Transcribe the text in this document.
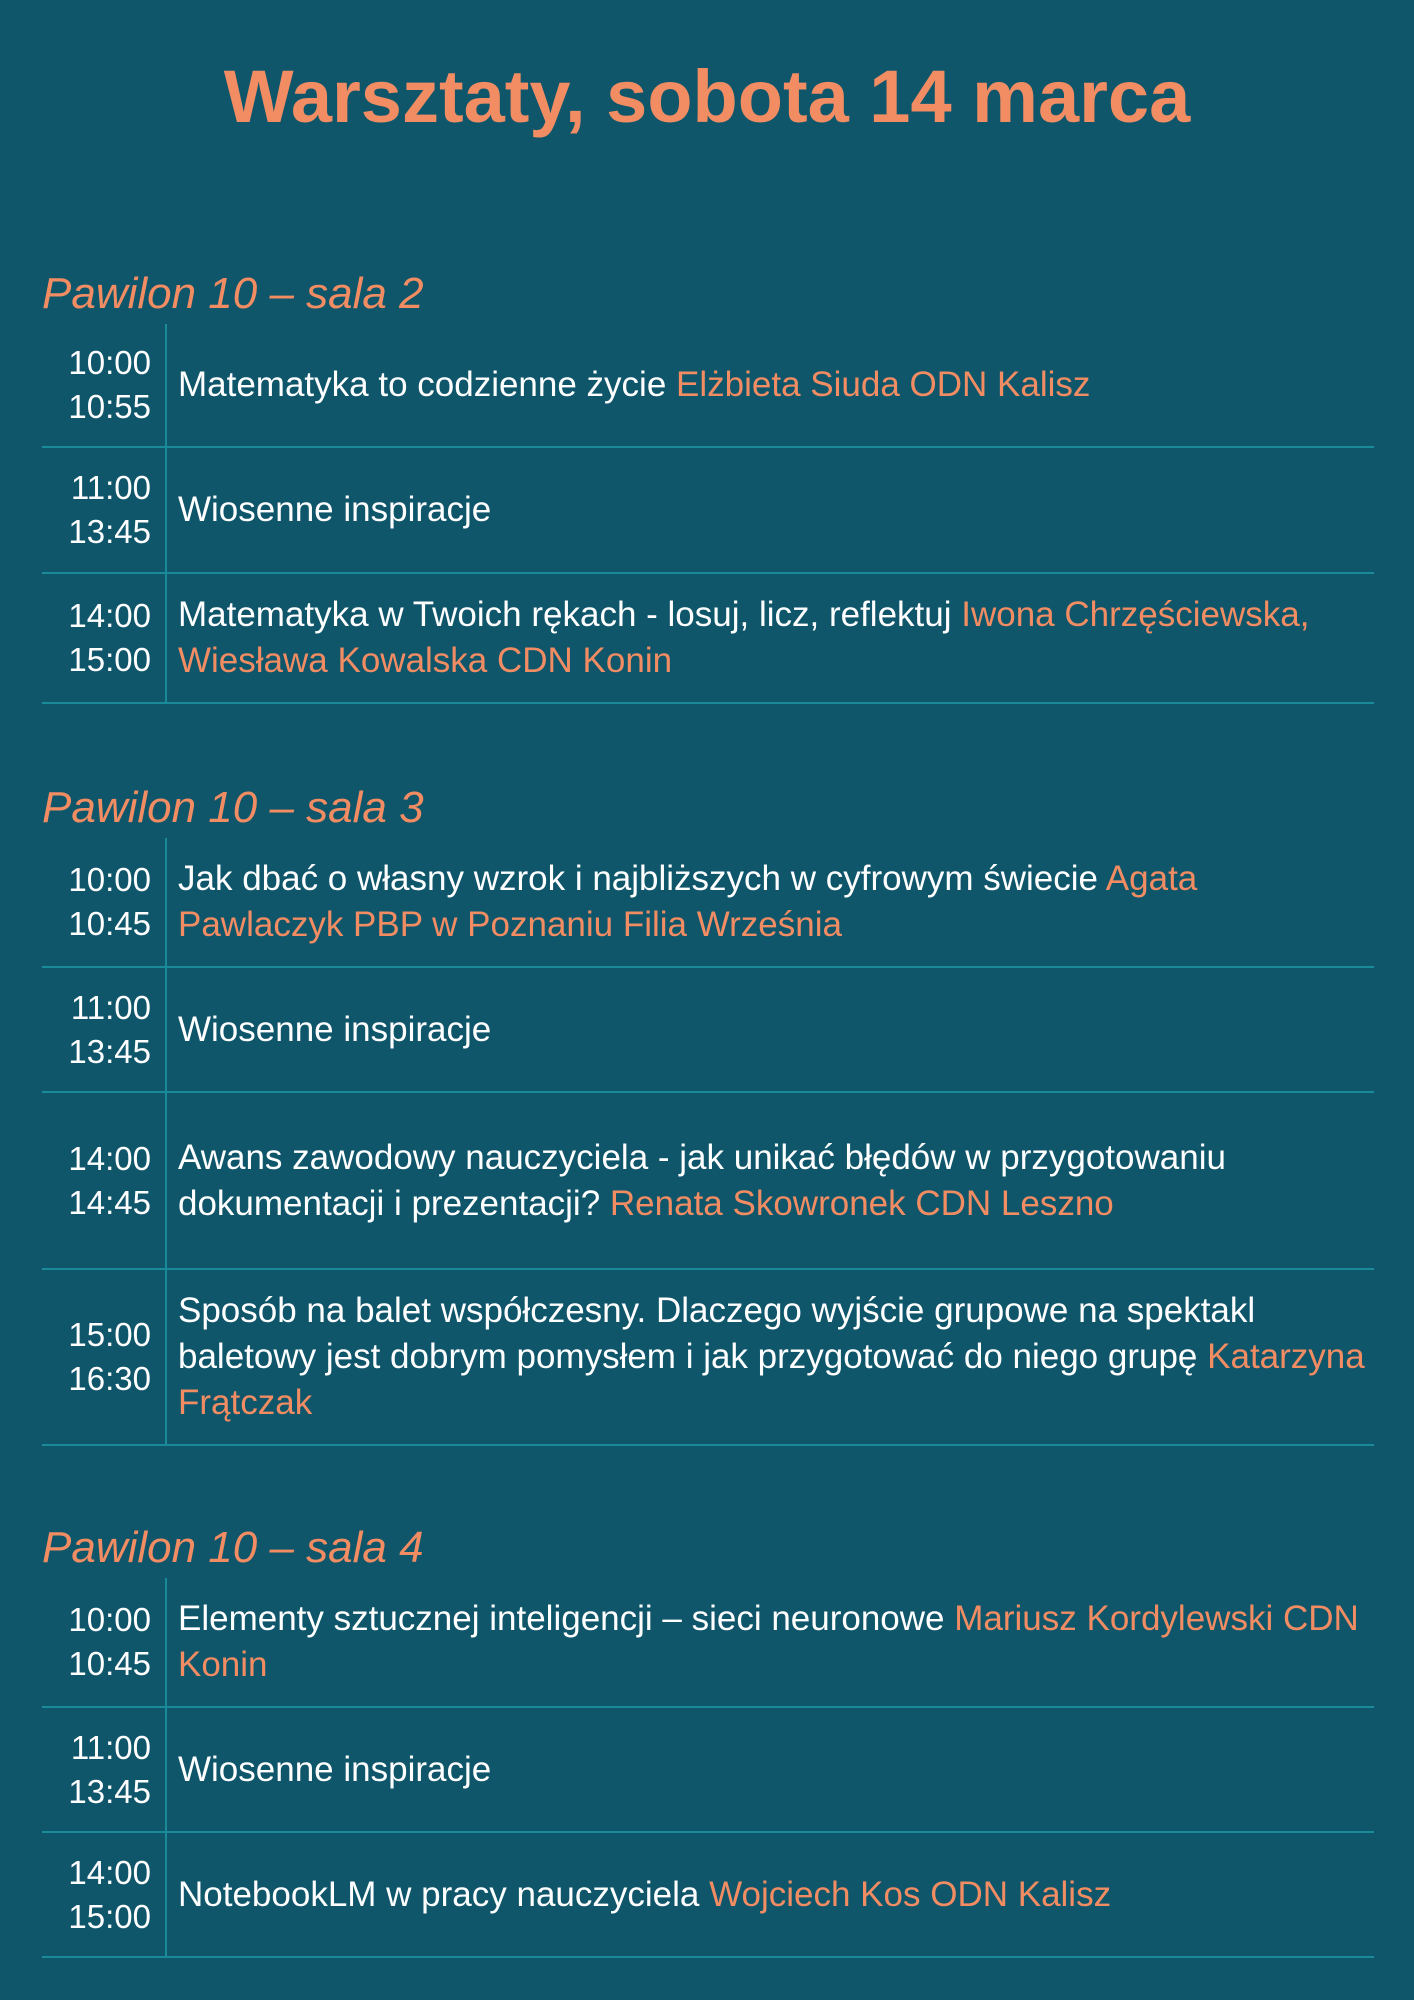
Warsztaty, sobota 14 marca
Pawilon 10 – sala 2
10:00
10:55
Matematyka to codzienne życie Elżbieta Siuda ODN Kalisz
11:00
13:45
Wiosenne inspiracje
14:00
15:00
Matematyka w Twoich rękach - losuj, licz, reflektuj Iwona Chrzęściewska, Wiesława Kowalska CDN Konin
Pawilon 10 – sala 3
10:00
10:45
Jak dbać o własny wzrok i najbliższych w cyfrowym świecie Agata Pawlaczyk PBP w Poznaniu Filia Września
11:00
13:45
Wiosenne inspiracje
14:00
14:45
Awans zawodowy nauczyciela - jak unikać błędów w przygotowaniu dokumentacji i prezentacji? Renata Skowronek CDN Leszno
15:00
16:30
Sposób na balet współczesny. Dlaczego wyjście grupowe na spektakl baletowy jest dobrym pomysłem i jak przygotować do niego grupę Katarzyna Frątczak
Pawilon 10 – sala 4
10:00
10:45
Elementy sztucznej inteligencji – sieci neuronowe Mariusz Kordylewski CDN Konin
11:00
13:45
Wiosenne inspiracje
14:00
15:00
NotebookLM w pracy nauczyciela Wojciech Kos ODN Kalisz
